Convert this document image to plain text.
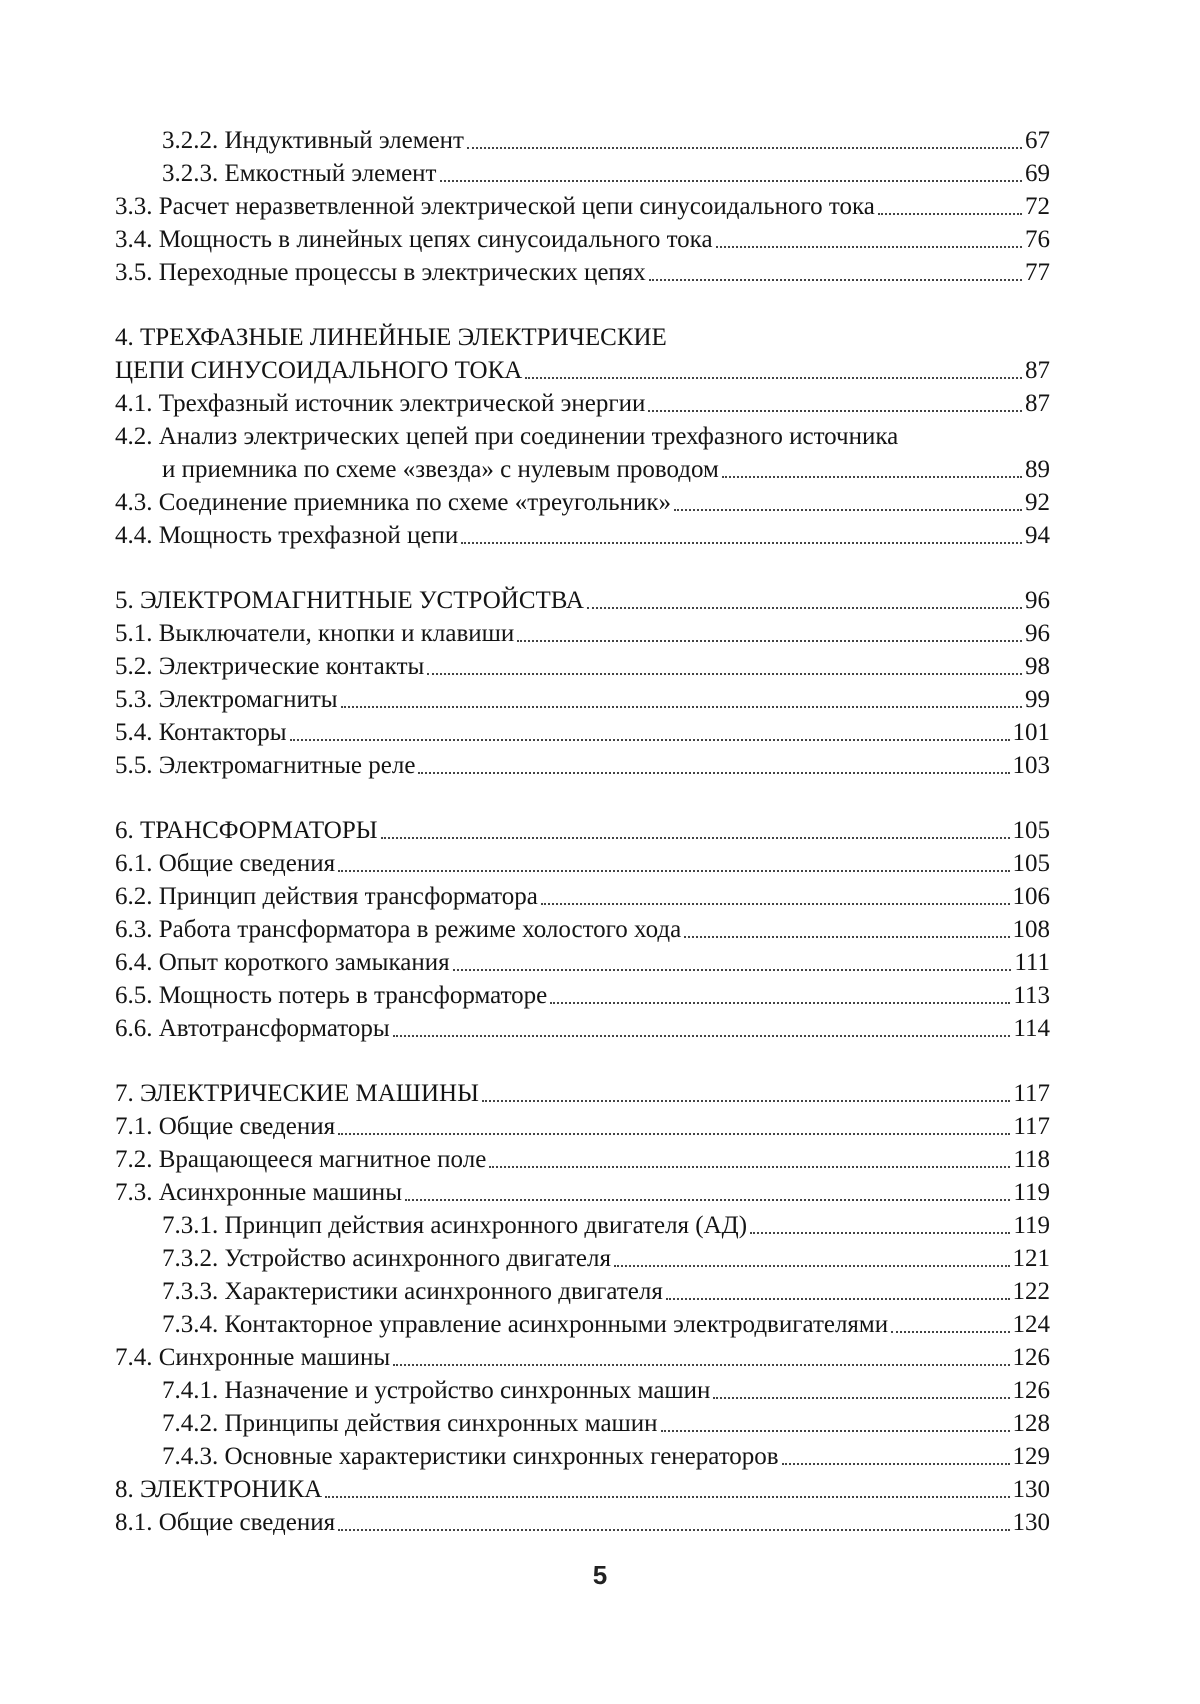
3.2.2. Индуктивный элемент	67
3.2.3. Емкостный элемент	69
3.3. Расчет неразветвленной электрической цепи синусоидального тока	72
3.4. Мощность в линейных цепях синусоидального тока	76
3.5. Переходные процессы в электрических цепях	77
4. ТРЕХФАЗНЫЕ ЛИНЕЙНЫЕ ЭЛЕКТРИЧЕСКИЕ
ЦЕПИ СИНУСОИДАЛЬНОГО ТОКА	87
4.1. Трехфазный источник электрической энергии	87
4.2. Анализ электрических цепей при соединении трехфазного источника
и приемника по схеме «звезда» с нулевым проводом	89
4.3. Соединение приемника по схеме «треугольник»	92
4.4. Мощность трехфазной цепи	94
5. ЭЛЕКТРОМАГНИТНЫЕ УСТРОЙСТВА	96
5.1. Выключатели, кнопки и клавиши	96
5.2. Электрические контакты	98
5.3. Электромагниты	99
5.4. Контакторы	101
5.5. Электромагнитные реле	103
6. ТРАНСФОРМАТОРЫ	105
6.1. Общие сведения	105
6.2. Принцип действия трансформатора	106
6.3. Работа трансформатора в режиме холостого хода	108
6.4. Опыт короткого замыкания	111
6.5. Мощность потерь в трансформаторе	113
6.6. Автотрансформаторы	114
7. ЭЛЕКТРИЧЕСКИЕ МАШИНЫ	117
7.1. Общие сведения	117
7.2. Вращающееся магнитное поле	118
7.3. Асинхронные машины	119
7.3.1. Принцип действия асинхронного двигателя (АД)	119
7.3.2. Устройство асинхронного двигателя	121
7.3.3. Характеристики асинхронного двигателя	122
7.3.4. Контакторное управление асинхронными электродвигателями	124
7.4. Синхронные машины	126
7.4.1. Назначение и устройство синхронных машин	126
7.4.2. Принципы действия синхронных машин	128
7.4.3. Основные характеристики синхронных генераторов	129
8. ЭЛЕКТРОНИКА	130
8.1. Общие сведения	130
5
